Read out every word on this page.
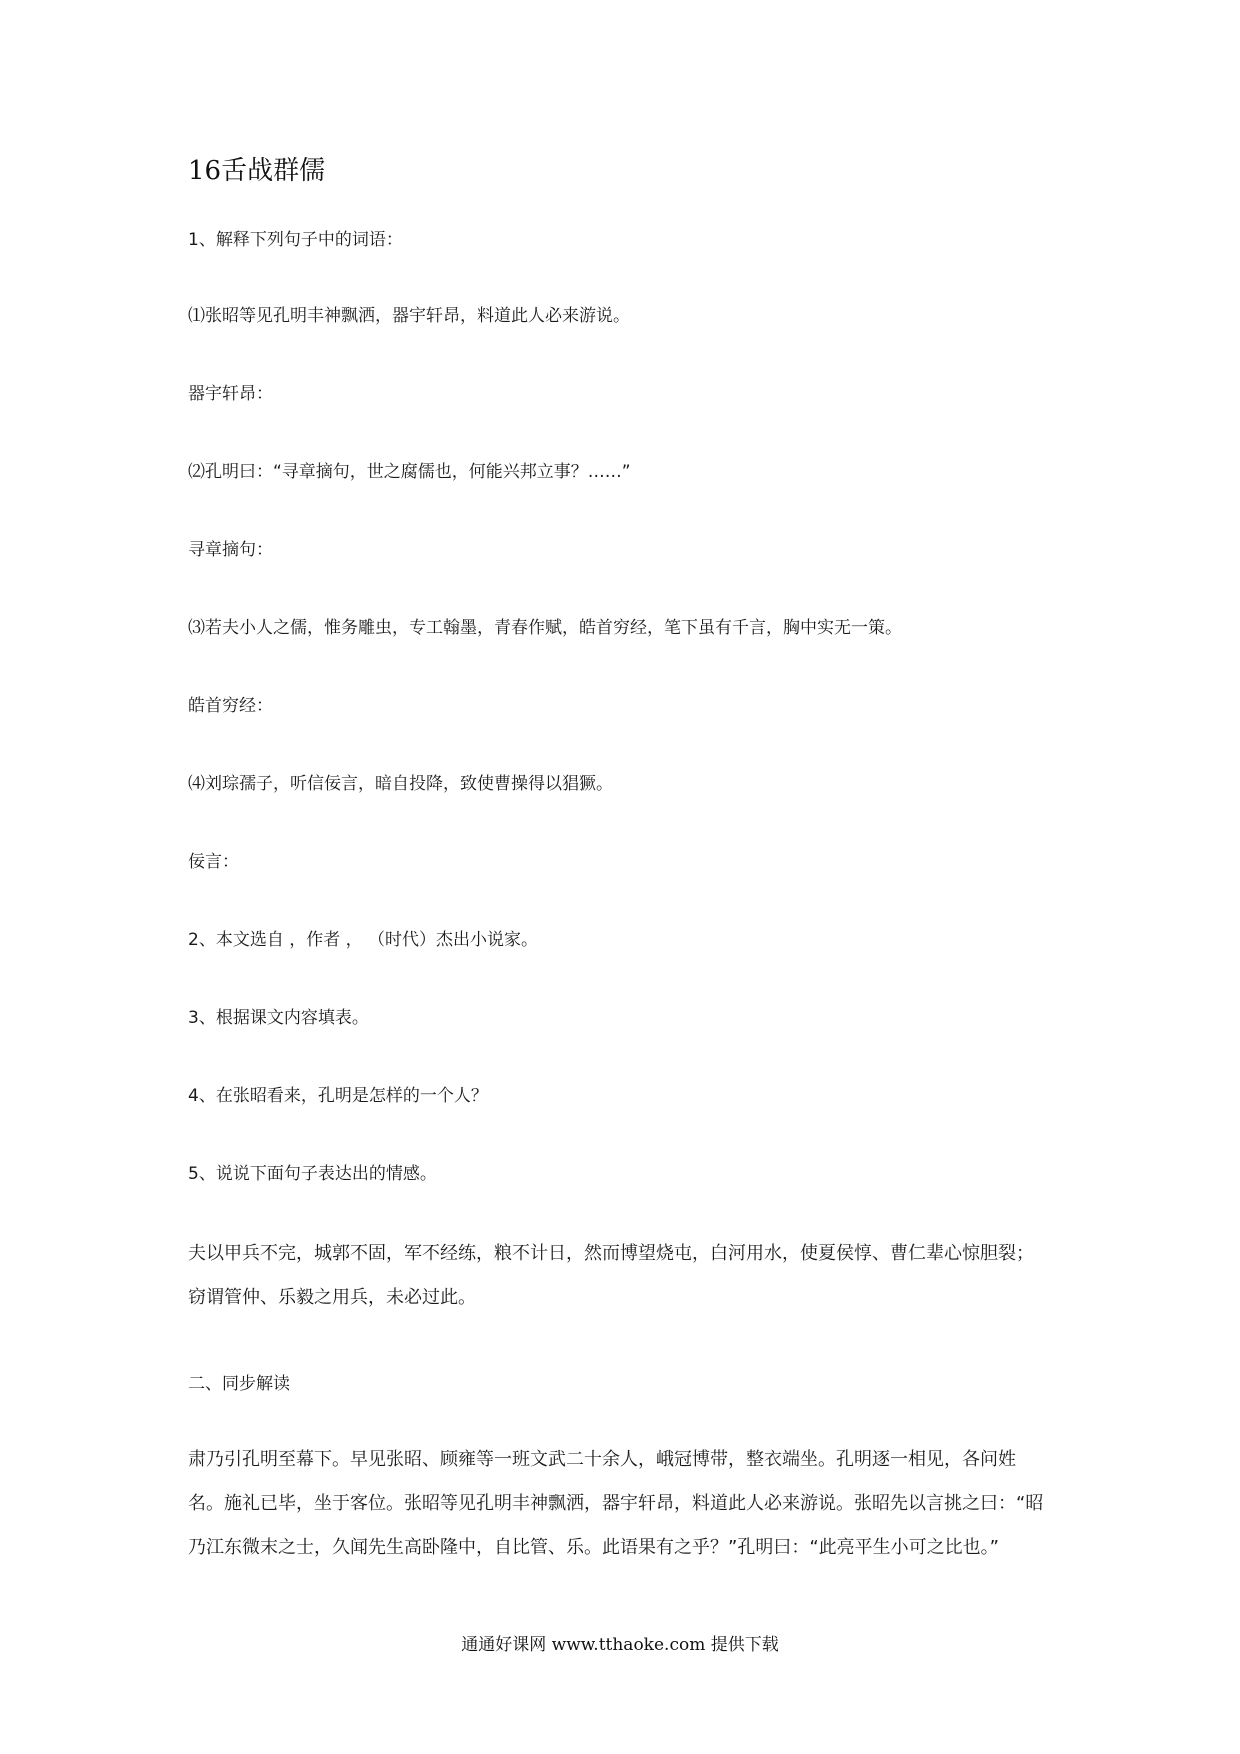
16舌战群儒
1、解释下列句子中的词语：
⑴张昭等见孔明丰神飘洒，器宇轩昂，料道此人必来游说。
器宇轩昂：
⑵孔明曰：“寻章摘句，世之腐儒也，何能兴邦立事？……”
寻章摘句：
⑶若夫小人之儒，惟务雕虫，专工翰墨，青春作赋，皓首穷经，笔下虽有千言，胸中实无一策。
皓首穷经：
⑷刘琮孺子，听信佞言，暗自投降，致使曹操得以猖獗。
佞言：
2、本文选自 ，作者 ， （时代）杰出小说家。
3、根据课文内容填表。
4、在张昭看来，孔明是怎样的一个人？
5、说说下面句子表达出的情感。
夫以甲兵不完，城郭不固，军不经练，粮不计日，然而博望烧屯，白河用水，使夏侯惇、曹仁辈心惊胆裂；
窃谓管仲、乐毅之用兵，未必过此。
二、同步解读
肃乃引孔明至幕下。早见张昭、顾雍等一班文武二十余人，峨冠博带，整衣端坐。孔明逐一相见，各问姓
名。施礼已毕，坐于客位。张昭等见孔明丰神飘洒，器宇轩昂，料道此人必来游说。张昭先以言挑之曰：“昭
乃江东微末之士，久闻先生高卧隆中，自比管、乐。此语果有之乎？”孔明曰：“此亮平生小可之比也。”
通通好课网 www.tthaoke.com 提供下载
